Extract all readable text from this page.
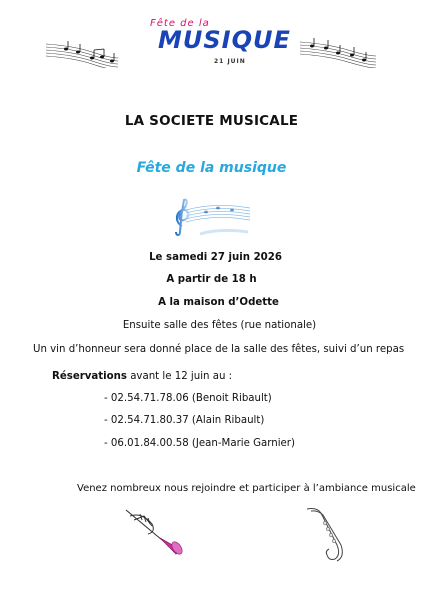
Fête de la
MUSIQUE
21 JUIN
LA SOCIETE MUSICALE
Fête de la musique
Le samedi 27 juin 2026
A partir de 18 h
A la maison d’Odette
Ensuite salle des fêtes (rue nationale)
Un vin d’honneur sera donné place de la salle des fêtes, suivi d’un repas
Réservations avant le 12 juin au :
- 02.54.71.78.06 (Benoit Ribault)
- 02.54.71.80.37 (Alain Ribault)
- 06.01.84.00.58 (Jean-Marie Garnier)
Venez nombreux nous rejoindre et participer à l’ambiance musicale
